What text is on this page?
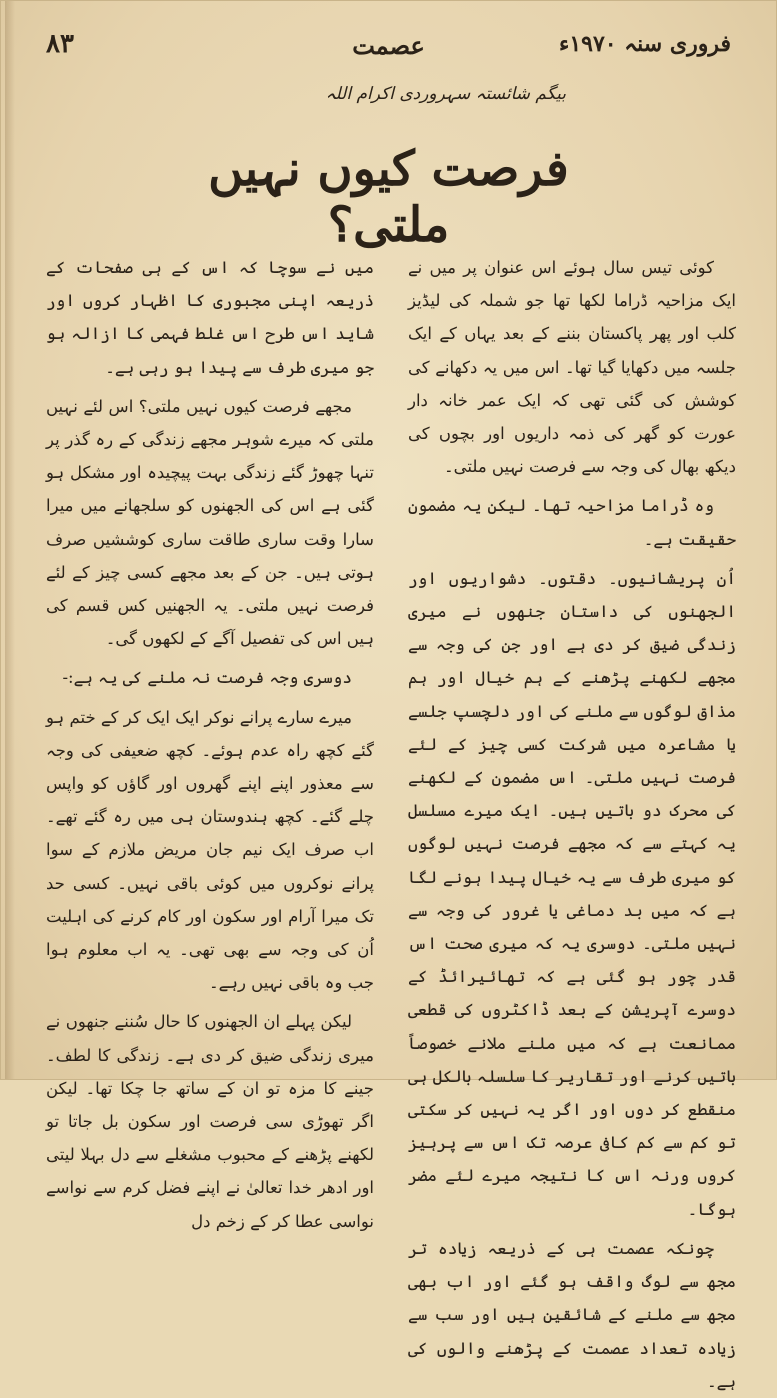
۸۳	عصمت	فروری سنہ ۱۹۷۰ء
بیگم شائستہ سہروردی اکرام اللہ
فرصت کیوں نہیں ملتی؟

کوئی تیس سال ہوئے اس عنوان پر میں نے ایک مزاحیہ ڈراما لکھا تھا جو شملہ کی لیڈیز کلب اور پھر پاکستان بننے کے بعد یہاں کے ایک جلسہ میں دکھایا گیا تھا۔ اس میں یہ دکھانے کی کوشش کی گئی تھی کہ ایک عمر خانہ دار عورت کو گھر کی ذمہ داریوں اور بچوں کی دیکھ بھال کی وجہ سے فرصت نہیں ملتی۔

وہ ڈراما مزاحیہ تھا۔ لیکن یہ مضمون حقیقت ہے۔

اُن پریشانیوں۔ دقتوں۔ دشواریوں اور الجھنوں کی داستان جنھوں نے میری زندگی ضیق کر دی ہے اور جن کی وجہ سے مجھے لکھنے پڑھنے کے ہم خیال اور ہم مذاق لوگوں سے ملنے کی اور دلچسپ جلسے یا مشاعرہ میں شرکت کسی چیز کے لئے فرصت نہیں ملتی۔ اس مضمون کے لکھنے کی محرک دو باتیں ہیں۔ ایک میرے مسلسل یہ کہتے سے کہ مجھے فرصت نہیں لوگوں کو میری طرف سے یہ خیال پیدا ہونے لگا ہے کہ میں بد دماغی یا غرور کی وجہ سے نہیں ملتی۔ دوسری یہ کہ میری صحت اس قدر چور ہو گئی ہے کہ تھائیرائڈ کے دوسرے آپریشن کے بعد ڈاکٹروں کی قطعی ممانعت ہے کہ میں ملنے ملانے خصوصاً باتیں کرنے اور تقاریر کا سلسلہ بالکل ہی منقطع کر دوں اور اگر یہ نہیں کر سکتی تو کم سے کم کافی عرصہ تک اس سے پرہیز کروں ورنہ اس کا نتیجہ میرے لئے مضر ہوگا۔

چونکہ عصمت ہی کے ذریعہ زیادہ تر مجھ سے لوگ واقف ہو گئے اور اب بھی مجھ سے ملنے کے شائقین ہیں اور سب سے زیادہ تعداد عصمت کے پڑھنے والوں کی ہے۔

میں نے سوچا کہ اس کے ہی صفحات کے ذریعہ اپنی مجبوری کا اظہار کروں اور شاید اس طرح اس غلط فہمی کا ازالہ ہو جو میری طرف سے پیدا ہو رہی ہے۔

مجھے فرصت کیوں نہیں ملتی؟ اس لئے نہیں ملتی کہ میرے شوہر مجھے زندگی کے رہ گذر پر تنہا چھوڑ گئے زندگی بہت پیچیدہ اور مشکل ہو گئی ہے اس کی الجھنوں کو سلجھانے میں میرا سارا وقت ساری طاقت ساری کوششیں صرف ہوتی ہیں۔ جن کے بعد مجھے کسی چیز کے لئے فرصت نہیں ملتی۔ یہ الجھنیں کس قسم کی ہیں اس کی تفصیل آگے کے لکھوں گی۔

دوسری وجہ فرصت نہ ملنے کی یہ ہے:-

میرے سارے پرانے نوکر ایک ایک کر کے ختم ہو گئے کچھ راہ عدم ہوئے۔ کچھ ضعیفی کی وجہ سے معذور اپنے اپنے گھروں اور گاؤں کو واپس چلے گئے۔ کچھ ہندوستان ہی میں رہ گئے تھے۔ اب صرف ایک نیم جان مریض ملازم کے سوا پرانے نوکروں میں کوئی باقی نہیں۔ کسی حد تک میرا آرام اور سکون اور کام کرنے کی اہلیت اُن کی وجہ سے بھی تھی۔ یہ اب معلوم ہوا جب وہ باقی نہیں رہے۔

لیکن پہلے ان الجھنوں کا حال سُننے جنھوں نے میری زندگی ضیق کر دی ہے۔ زندگی کا لطف۔ جینے کا مزہ تو ان کے ساتھ جا چکا تھا۔ لیکن اگر تھوڑی سی فرصت اور سکون بل جاتا تو لکھنے پڑھنے کے محبوب مشغلے سے دل بہلا لیتی اور ادھر خدا تعالیٰ نے اپنے فضل کرم سے نواسے نواسی عطا کر کے زخم دل
